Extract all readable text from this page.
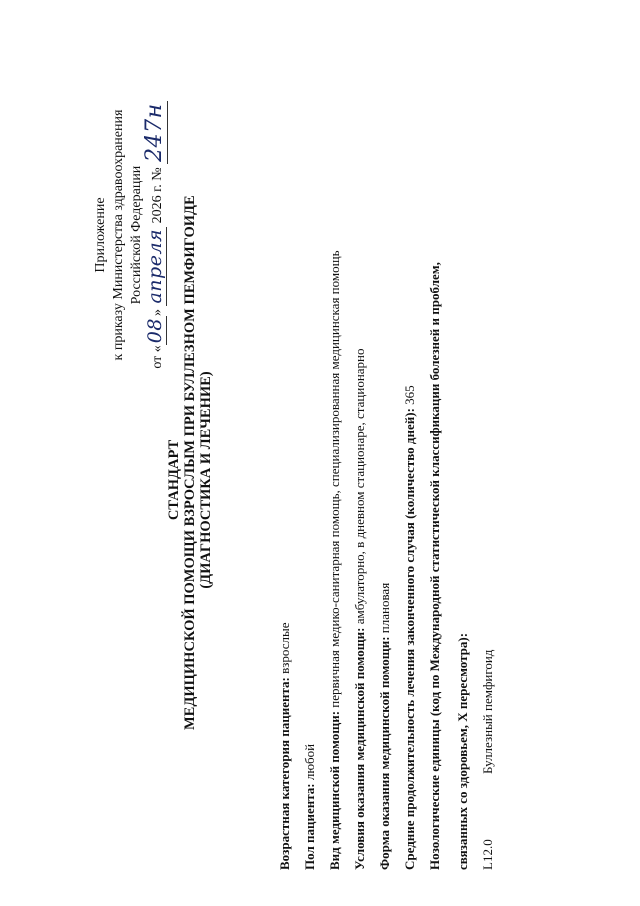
Приложение к приказу Министерства здравоохранения Российской Федерации
от «08» апреля 2026 г. № 247н
СТАНДАРТ МЕДИЦИНСКОЙ ПОМОЩИ ВЗРОСЛЫМ ПРИ БУЛЛЕЗНОМ ПЕМФИГОИДЕ (ДИАГНОСТИКА И ЛЕЧЕНИЕ)
Возрастная категория пациента: взрослые
Пол пациента: любой Вид медицинской помощи: первичная медико-санитарная помощь, специализированная медицинская помощь
Условия оказания медицинской помощи: амбулаторно, в дневном стационаре, стационарно
Форма оказания медицинской помощи: плановая Средние продолжительность лечения законченного случая (количество дней): 365 Нозологические единицы (код по Международной статистической классификации болезней и проблем, связанных со здоровьем, X пересмотра): L12.0Буллезный пемфигоид
